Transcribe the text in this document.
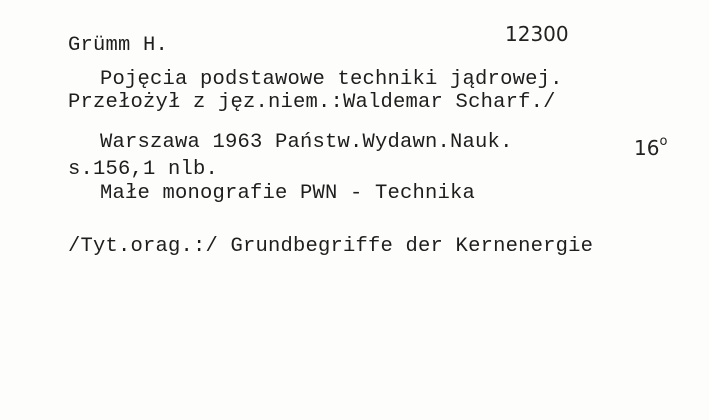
Grümm H.	12300
Pojęcia podstawowe techniki jądrowej.
Przełożył z jęz.niem.:Waldemar Scharf./
Warszawa 1963 Państw.Wydawn.Nauk.	16$^o$
s.156,1 nlb.
Małe monografie PWN - Technika
/Tyt.orag.:/ Grundbegriffe der Kernenergie
